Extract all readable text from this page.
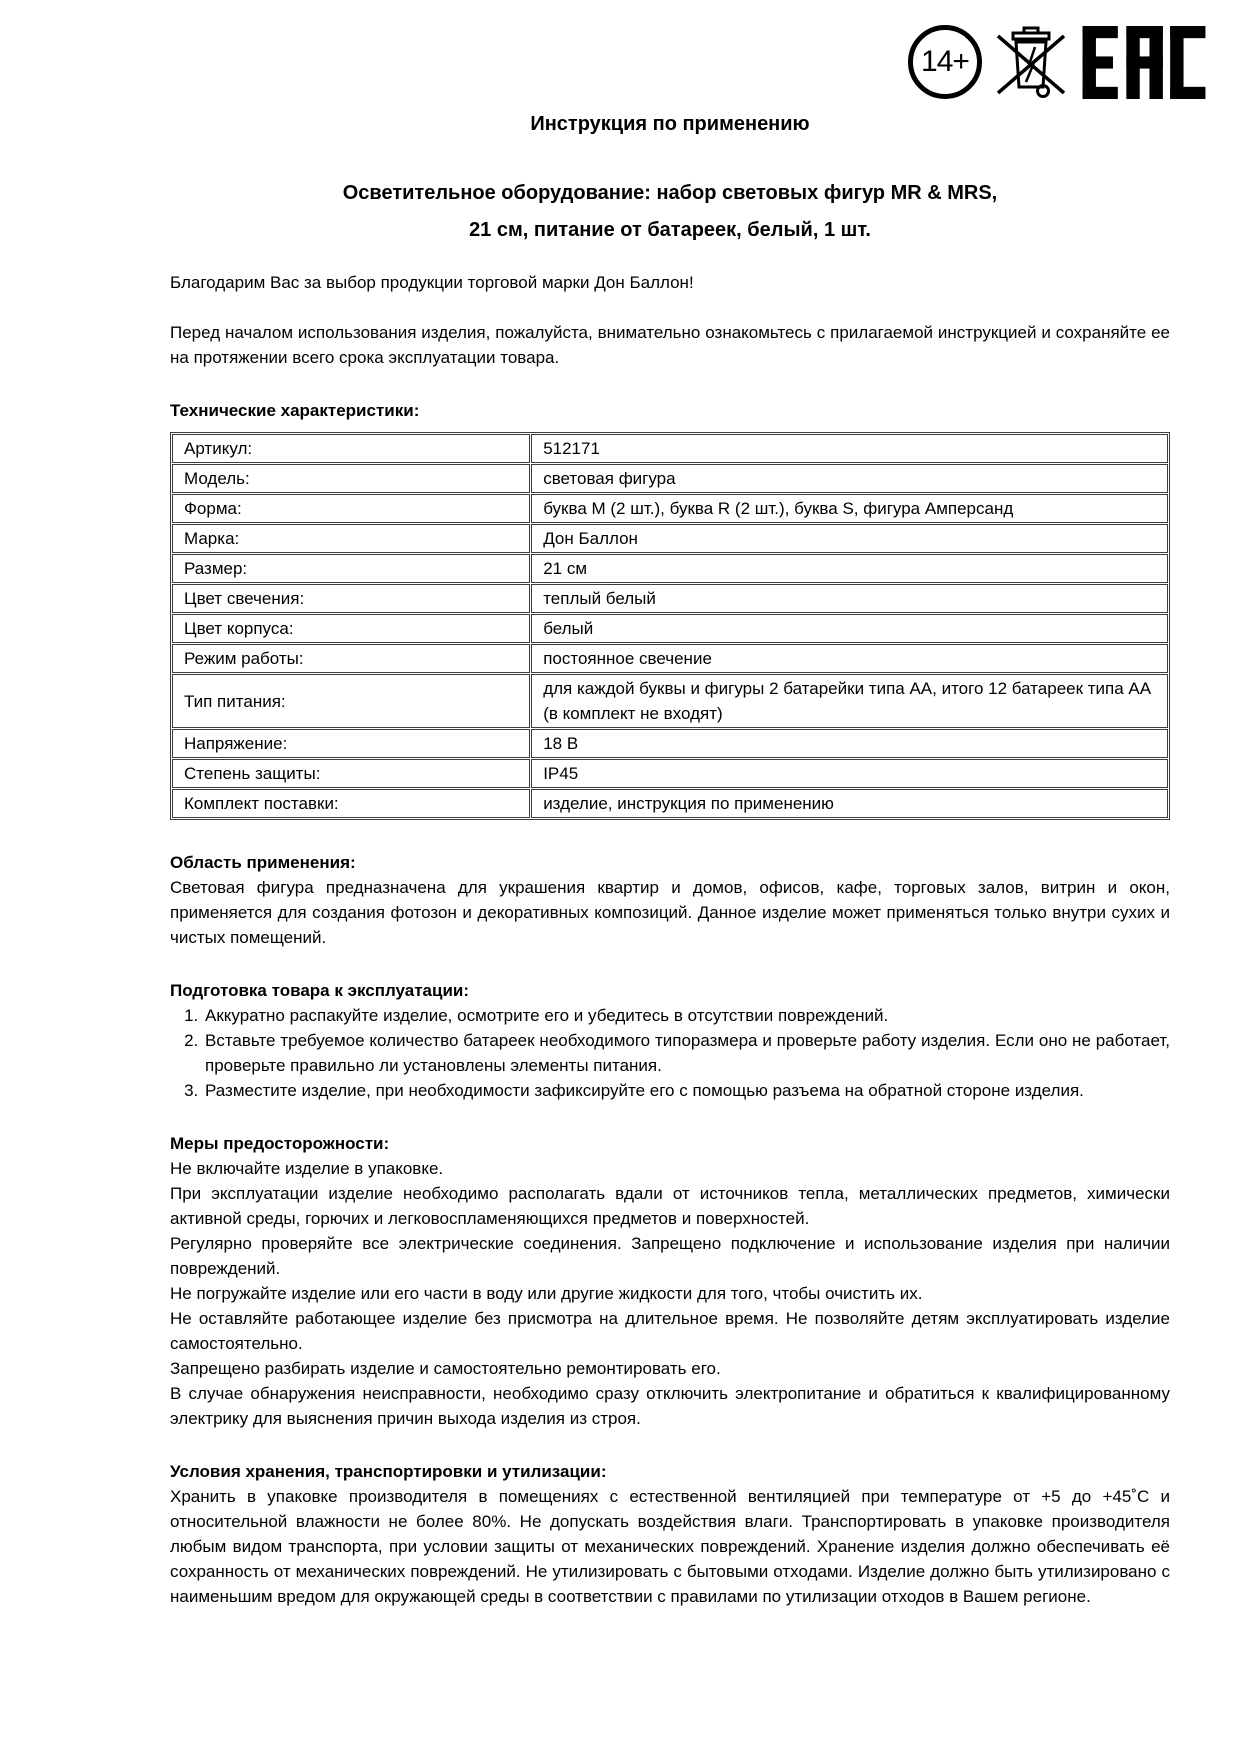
14+
Инструкция по применению
Осветительное оборудование: набор световых фигур MR & MRS,
21 см, питание от батареек, белый, 1 шт.

Благодарим Вас за выбор продукции торговой марки Дон Баллон!

Перед началом использования изделия, пожалуйста, внимательно ознакомьтесь с прилагаемой инструкцией и сохраняйте ее на протяжении всего срока эксплуатации товара.

Технические характеристики:
Артикул:	512171
Модель:	световая фигура
Форма:	буква M (2 шт.), буква R (2 шт.), буква S, фигура Амперсанд
Марка:	Дон Баллон
Размер:	21 см
Цвет свечения:	теплый белый
Цвет корпуса:	белый
Режим работы:	постоянное свечение
Тип питания:	для каждой буквы и фигуры 2 батарейки типа АА, итого 12 батареек типа АА (в комплект не входят)
Напряжение:	18 В
Степень защиты:	IP45
Комплект поставки:	изделие, инструкция по применению
Область применения:

Световая фигура предназначена для украшения квартир и домов, офисов, кафе, торговых залов, витрин и окон, применяется для создания фотозон и декоративных композиций. Данное изделие может применяться только внутри сухих и чистых помещений.

Подготовка товара к эксплуатации:
1. Аккуратно распакуйте изделие, осмотрите его и убедитесь в отсутствии повреждений.
2. Вставьте требуемое количество батареек необходимого типоразмера и проверьте работу изделия. Если оно не работает, проверьте правильно ли установлены элементы питания.
3. Разместите изделие, при необходимости зафиксируйте его с помощью разъема на обратной стороне изделия.
Меры предосторожности:

Не включайте изделие в упаковке.

При эксплуатации изделие необходимо располагать вдали от источников тепла, металлических предметов, химически активной среды, горючих и легковоспламеняющихся предметов и поверхностей.

Регулярно проверяйте все электрические соединения. Запрещено подключение и использование изделия при наличии повреждений.

Не погружайте изделие или его части в воду или другие жидкости для того, чтобы очистить их.

Не оставляйте работающее изделие без присмотра на длительное время. Не позволяйте детям эксплуатировать изделие самостоятельно.

Запрещено разбирать изделие и самостоятельно ремонтировать его.

В случае обнаружения неисправности, необходимо сразу отключить электропитание и обратиться к квалифицированному электрику для выяснения причин выхода изделия из строя.

Условия хранения, транспортировки и утилизации:

Хранить в упаковке производителя в помещениях с естественной вентиляцией при температуре от +5 до +45˚С и относительной влажности не более 80%. Не допускать воздействия влаги. Транспортировать в упаковке производителя любым видом транспорта, при условии защиты от механических повреждений. Хранение изделия должно обеспечивать её сохранность от механических повреждений. Не утилизировать с бытовыми отходами. Изделие должно быть утилизировано с наименьшим вредом для окружающей среды в соответствии с правилами по утилизации отходов в Вашем регионе.
